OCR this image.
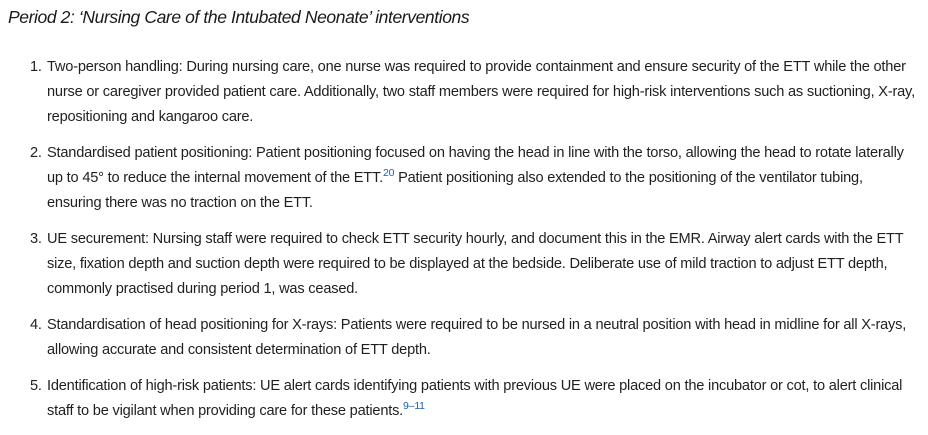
Period 2: ‘Nursing Care of the Intubated Neonate’ interventions
1. Two-person handling: During nursing care, one nurse was required to provide containment and ensure security of the ETT while the other nurse or caregiver provided patient care. Additionally, two staff members were required for high-risk interventions such as suctioning, X-ray, repositioning and kangaroo care.
2. Standardised patient positioning: Patient positioning focused on having the head in line with the torso, allowing the head to rotate laterally up to 45° to reduce the internal movement of the ETT.$^{20}$ Patient positioning also extended to the positioning of the ventilator tubing, ensuring there was no traction on the ETT.
3. UE securement: Nursing staff were required to check ETT security hourly, and document this in the EMR. Airway alert cards with the ETT size, fixation depth and suction depth were required to be displayed at the bedside. Deliberate use of mild traction to adjust ETT depth, commonly practised during period 1, was ceased.
4. Standardisation of head positioning for X-rays: Patients were required to be nursed in a neutral position with head in midline for all X-rays, allowing accurate and consistent determination of ETT depth.
5. Identification of high-risk patients: UE alert cards identifying patients with previous UE were placed on the incubator or cot, to alert clinical staff to be vigilant when providing care for these patients.$^{9-11}$
